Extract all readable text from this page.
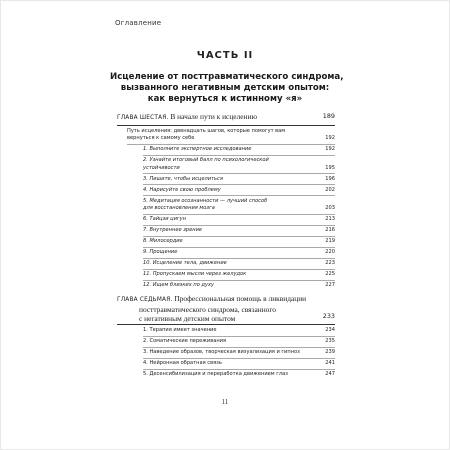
Оглавление
ЧАСТЬ II
Исцеление от посттравматического синдрома,
вызванного негативным детским опытом:
как вернуться к истинному «я»
ГЛАВА ШЕСТАЯ. В начале пути к исцелению	189
Путь исцеления: двенадцать шагов, которые помогут вам
вернуться к самому себе	192
1. Выполните экспертное исследование	192
2. Узнайте итоговый балл по психологической
устойчивости	195
3. Пишите, чтобы исцелиться	196
4. Нарисуйте свою проблему	202
5. Медитация осознанности — лучший способ
для восстановления мозга	203
6. Тайцзи цигун	213
7. Внутреннее зрение	216
8. Милосердие	219
9. Прощение	220
10. Исцеление тела, движение	223
11. Пропускаем мысли через желудок	225
12. Ищем близких по духу	227
ГЛАВА СЕДЬМАЯ. Профессиональная помощь в ликвидации
посттравматического синдрома, связанного
с негативным детским опытом	233
1. Терапия имеет значение	234
2. Соматические переживания	235
3. Наведение образов, творческая визуализация и гипноз	239
4. Нейронная обратная связь	241
5. Десенсибилизация и переработка движением глаз	247
11
